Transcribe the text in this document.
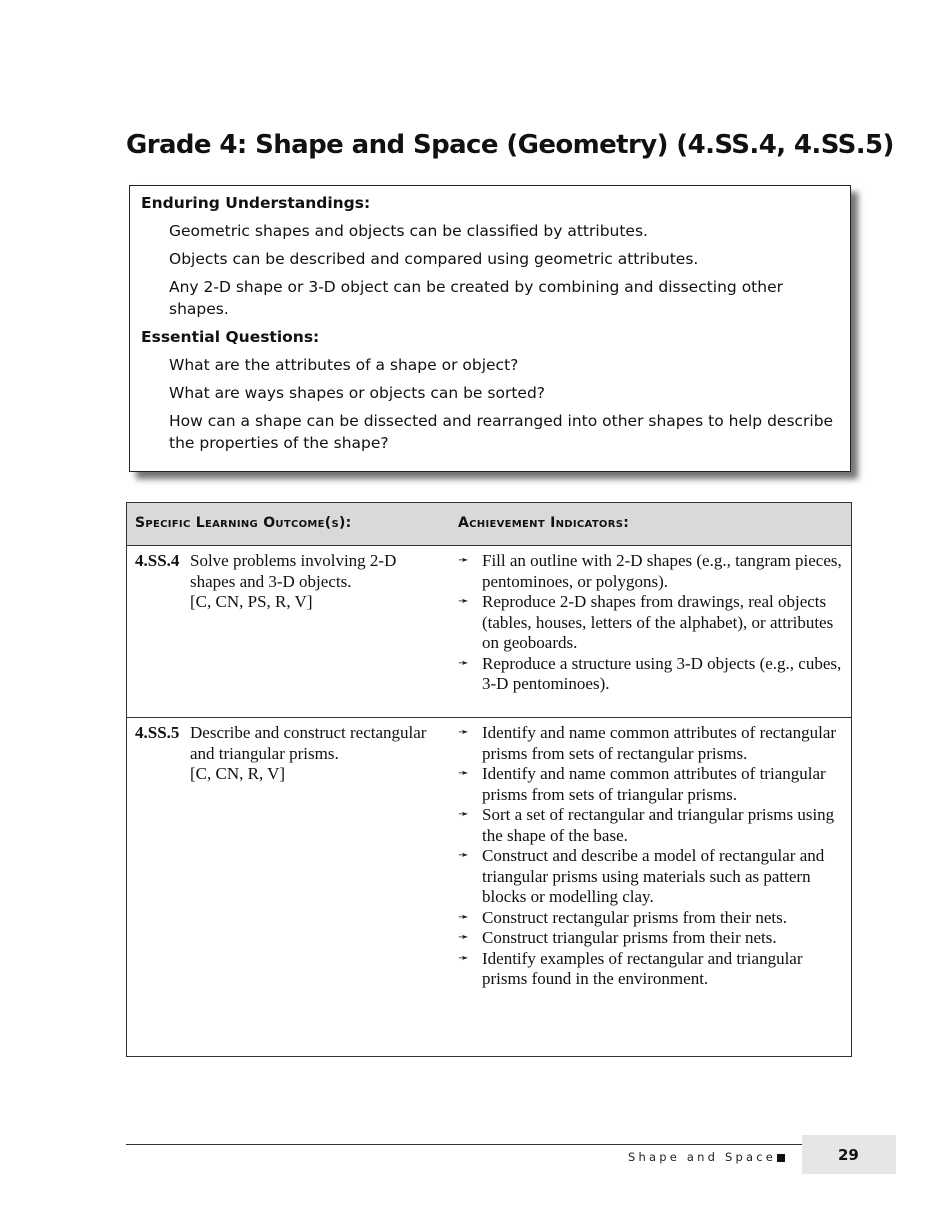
Grade 4: Shape and Space (Geometry) (4.SS.4, 4.SS.5)
Enduring Understandings:

Geometric shapes and objects can be classified by attributes.

Objects can be described and compared using geometric attributes.

Any 2-D shape or 3-D object can be created by combining and dissecting other shapes.

Essential Questions:

What are the attributes of a shape or object?

What are ways shapes or objects can be sorted?

How can a shape can be dissected and rearranged into other shapes to help describe the properties of the shape?

Specific Learning Outcome(s):	Achievement Indicators:
4.SS.4 Solve problems involving 2-D shapes and 3-D objects.
[C, CN, PS, R, V]
➛ Fill an outline with 2-D shapes (e.g., tangram pieces, pentominoes, or polygons).
➛ Reproduce 2-D shapes from drawings, real objects (tables, houses, letters of the alphabet), or attributes on geoboards.
➛ Reproduce a structure using 3-D objects (e.g., cubes, 3-D pentominoes).
4.SS.5 Describe and construct rectangular and triangular prisms.
[C, CN, R, V]
➛ Identify and name common attributes of rectangular prisms from sets of rectangular prisms.
➛ Identify and name common attributes of triangular prisms from sets of triangular prisms.
➛ Sort a set of rectangular and triangular prisms using the shape of the base.
➛ Construct and describe a model of rectangular and triangular prisms using materials such as pattern blocks or modelling clay.
➛ Construct rectangular prisms from their nets.
➛ Construct triangular prisms from their nets.
➛ Identify examples of rectangular and triangular prisms found in the environment.
Shape and Space	29
